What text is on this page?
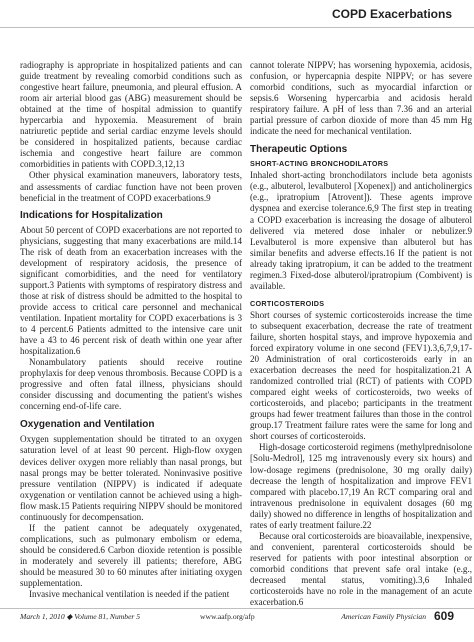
COPD Exacerbations

radiography is appropriate in hospitalized patients and can guide treatment by revealing comorbid conditions such as congestive heart failure, pneumonia, and pleural effusion. A room air arterial blood gas (ABG) measurement should be obtained at the time of hospital admission to quantify hypercarbia and hypoxemia. Measurement of brain natriuretic peptide and serial cardiac enzyme levels should be considered in hospitalized patients, because cardiac ischemia and congestive heart failure are common comorbidities in patients with COPD.3,12,13

Other physical examination maneuvers, laboratory tests, and assessments of cardiac function have not been proven beneficial in the treatment of COPD exacerbations.9

Indications for Hospitalization

About 50 percent of COPD exacerbations are not reported to physicians, suggesting that many exacerbations are mild.14 The risk of death from an exacerbation increases with the development of respiratory acidosis, the presence of significant comorbidities, and the need for ventilatory support.3 Patients with symptoms of respiratory distress and those at risk of distress should be admitted to the hospital to provide access to critical care personnel and mechanical ventilation. Inpatient mortality for COPD exacerbations is 3 to 4 percent.6 Patients admitted to the intensive care unit have a 43 to 46 percent risk of death within one year after hospitalization.6

Nonambulatory patients should receive routine prophylaxis for deep venous thrombosis. Because COPD is a progressive and often fatal illness, physicians should consider discussing and documenting the patient's wishes concerning end-of-life care.

Oxygenation and Ventilation

Oxygen supplementation should be titrated to an oxygen saturation level of at least 90 percent. High-flow oxygen devices deliver oxygen more reliably than nasal prongs, but nasal prongs may be better tolerated. Noninvasive positive pressure ventilation (NIPPV) is indicated if adequate oxygenation or ventilation cannot be achieved using a high-flow mask.15 Patients requiring NIPPV should be monitored continuously for decompensation.

If the patient cannot be adequately oxygenated, complications, such as pulmonary embolism or edema, should be considered.6 Carbon dioxide retention is possible in moderately and severely ill patients; therefore, ABG should be measured 30 to 60 minutes after initiating oxygen supplementation.

Invasive mechanical ventilation is needed if the patient

cannot tolerate NIPPV; has worsening hypoxemia, acidosis, confusion, or hypercapnia despite NIPPV; or has severe comorbid conditions, such as myocardial infarction or sepsis.6 Worsening hypercarbia and acidosis herald respiratory failure. A pH of less than 7.36 and an arterial partial pressure of carbon dioxide of more than 45 mm Hg indicate the need for mechanical ventilation.

Therapeutic Options
SHORT-ACTING BRONCHODILATORS

Inhaled short-acting bronchodilators include beta agonists (e.g., albuterol, levalbuterol [Xopenex]) and anticholinergics (e.g., ipratropium [Atrovent]). These agents improve dyspnea and exercise tolerance.6,9 The first step in treating a COPD exacerbation is increasing the dosage of albuterol delivered via metered dose inhaler or nebulizer.9 Levalbuterol is more expensive than albuterol but has similar benefits and adverse effects.16 If the patient is not already taking ipratropium, it can be added to the treatment regimen.3 Fixed-dose albuterol/ipratropium (Combivent) is available.

CORTICOSTEROIDS

Short courses of systemic corticosteroids increase the time to subsequent exacerbation, decrease the rate of treatment failure, shorten hospital stays, and improve hypoxemia and forced expiratory volume in one second (FEV1).3,6,7,9,17-20 Administration of oral corticosteroids early in an exacerbation decreases the need for hospitalization.21 A randomized controlled trial (RCT) of patients with COPD compared eight weeks of corticosteroids, two weeks of corticosteroids, and placebo; participants in the treatment groups had fewer treatment failures than those in the control group.17 Treatment failure rates were the same for long and short courses of corticosteroids.

High-dosage corticosteroid regimens (methylprednisolone [Solu-Medrol], 125 mg intravenously every six hours) and low-dosage regimens (prednisolone, 30 mg orally daily) decrease the length of hospitalization and improve FEV1 compared with placebo.17,19 An RCT comparing oral and intravenous prednisolone in equivalent dosages (60 mg daily) showed no difference in lengths of hospitalization and rates of early treatment failure.22

Because oral corticosteroids are bioavailable, inexpensive, and convenient, parenteral corticosteroids should be reserved for patients with poor intestinal absorption or comorbid conditions that prevent safe oral intake (e.g., decreased mental status, vomiting).3,6 Inhaled corticosteroids have no role in the management of an acute exacerbation.6

March 1, 2010 ◆ Volume 81, Number 5	www.aafp.org/afp	American Family Physician 609
